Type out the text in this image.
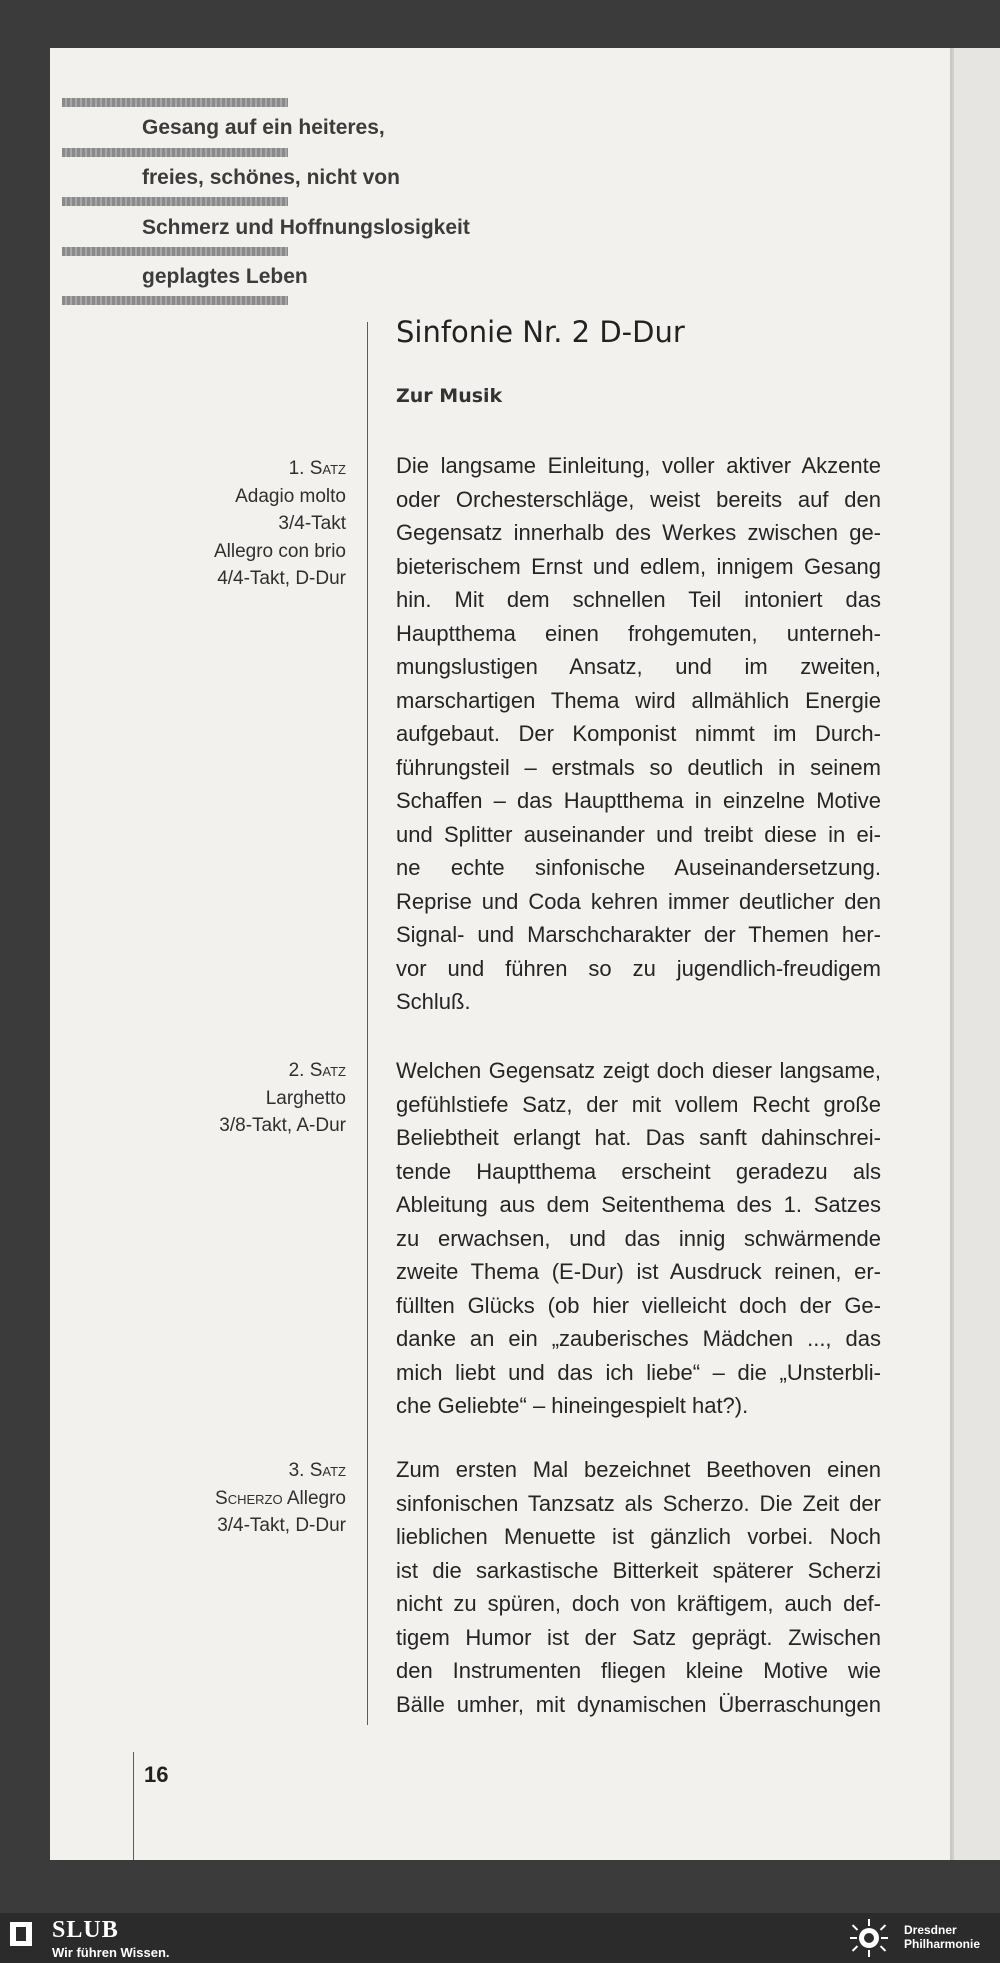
Gesang auf ein heiteres,
freies, schönes, nicht von
Schmerz und Hoffnungslosigkeit
geplagtes Leben
Sinfonie Nr. 2 D-Dur
Zur Musik
1. Satz
Adagio molto
3/4-Takt
Allegro con brio
4/4-Takt, D-Dur
Die langsame Einleitung, voller aktiver Akzente
oder Orchesterschläge, weist bereits auf den
Gegensatz innerhalb des Werkes zwischen ge-
bieterischem Ernst und edlem, innigem Gesang
hin. Mit dem schnellen Teil intoniert das
Hauptthema einen frohgemuten, unterneh-
mungslustigen Ansatz, und im zweiten,
marschartigen Thema wird allmählich Energie
aufgebaut. Der Komponist nimmt im Durch-
führungsteil – erstmals so deutlich in seinem
Schaffen – das Hauptthema in einzelne Motive
und Splitter auseinander und treibt diese in ei-
ne echte sinfonische Auseinandersetzung.
Reprise und Coda kehren immer deutlicher den
Signal- und Marschcharakter der Themen her-
vor und führen so zu jugendlich-freudigem
Schluß.
2. Satz
Larghetto
3/8-Takt, A-Dur
Welchen Gegensatz zeigt doch dieser langsame,
gefühlstiefe Satz, der mit vollem Recht große
Beliebtheit erlangt hat. Das sanft dahinschrei-
tende Hauptthema erscheint geradezu als
Ableitung aus dem Seitenthema des 1. Satzes
zu erwachsen, und das innig schwärmende
zweite Thema (E-Dur) ist Ausdruck reinen, er-
füllten Glücks (ob hier vielleicht doch der Ge-
danke an ein „zauberisches Mädchen ..., das
mich liebt und das ich liebe“ – die „Unsterbli-
che Geliebte“ – hineingespielt hat?).
3. Satz
Scherzo Allegro
3/4-Takt, D-Dur
Zum ersten Mal bezeichnet Beethoven einen
sinfonischen Tanzsatz als Scherzo. Die Zeit der
lieblichen Menuette ist gänzlich vorbei. Noch
ist die sarkastische Bitterkeit späterer Scherzi
nicht zu spüren, doch von kräftigem, auch def-
tigem Humor ist der Satz geprägt. Zwischen
den Instrumenten fliegen kleine Motive wie
Bälle umher, mit dynamischen Überraschungen
16
SLUB
Wir führen Wissen.
Dresdner
Philharmonie
